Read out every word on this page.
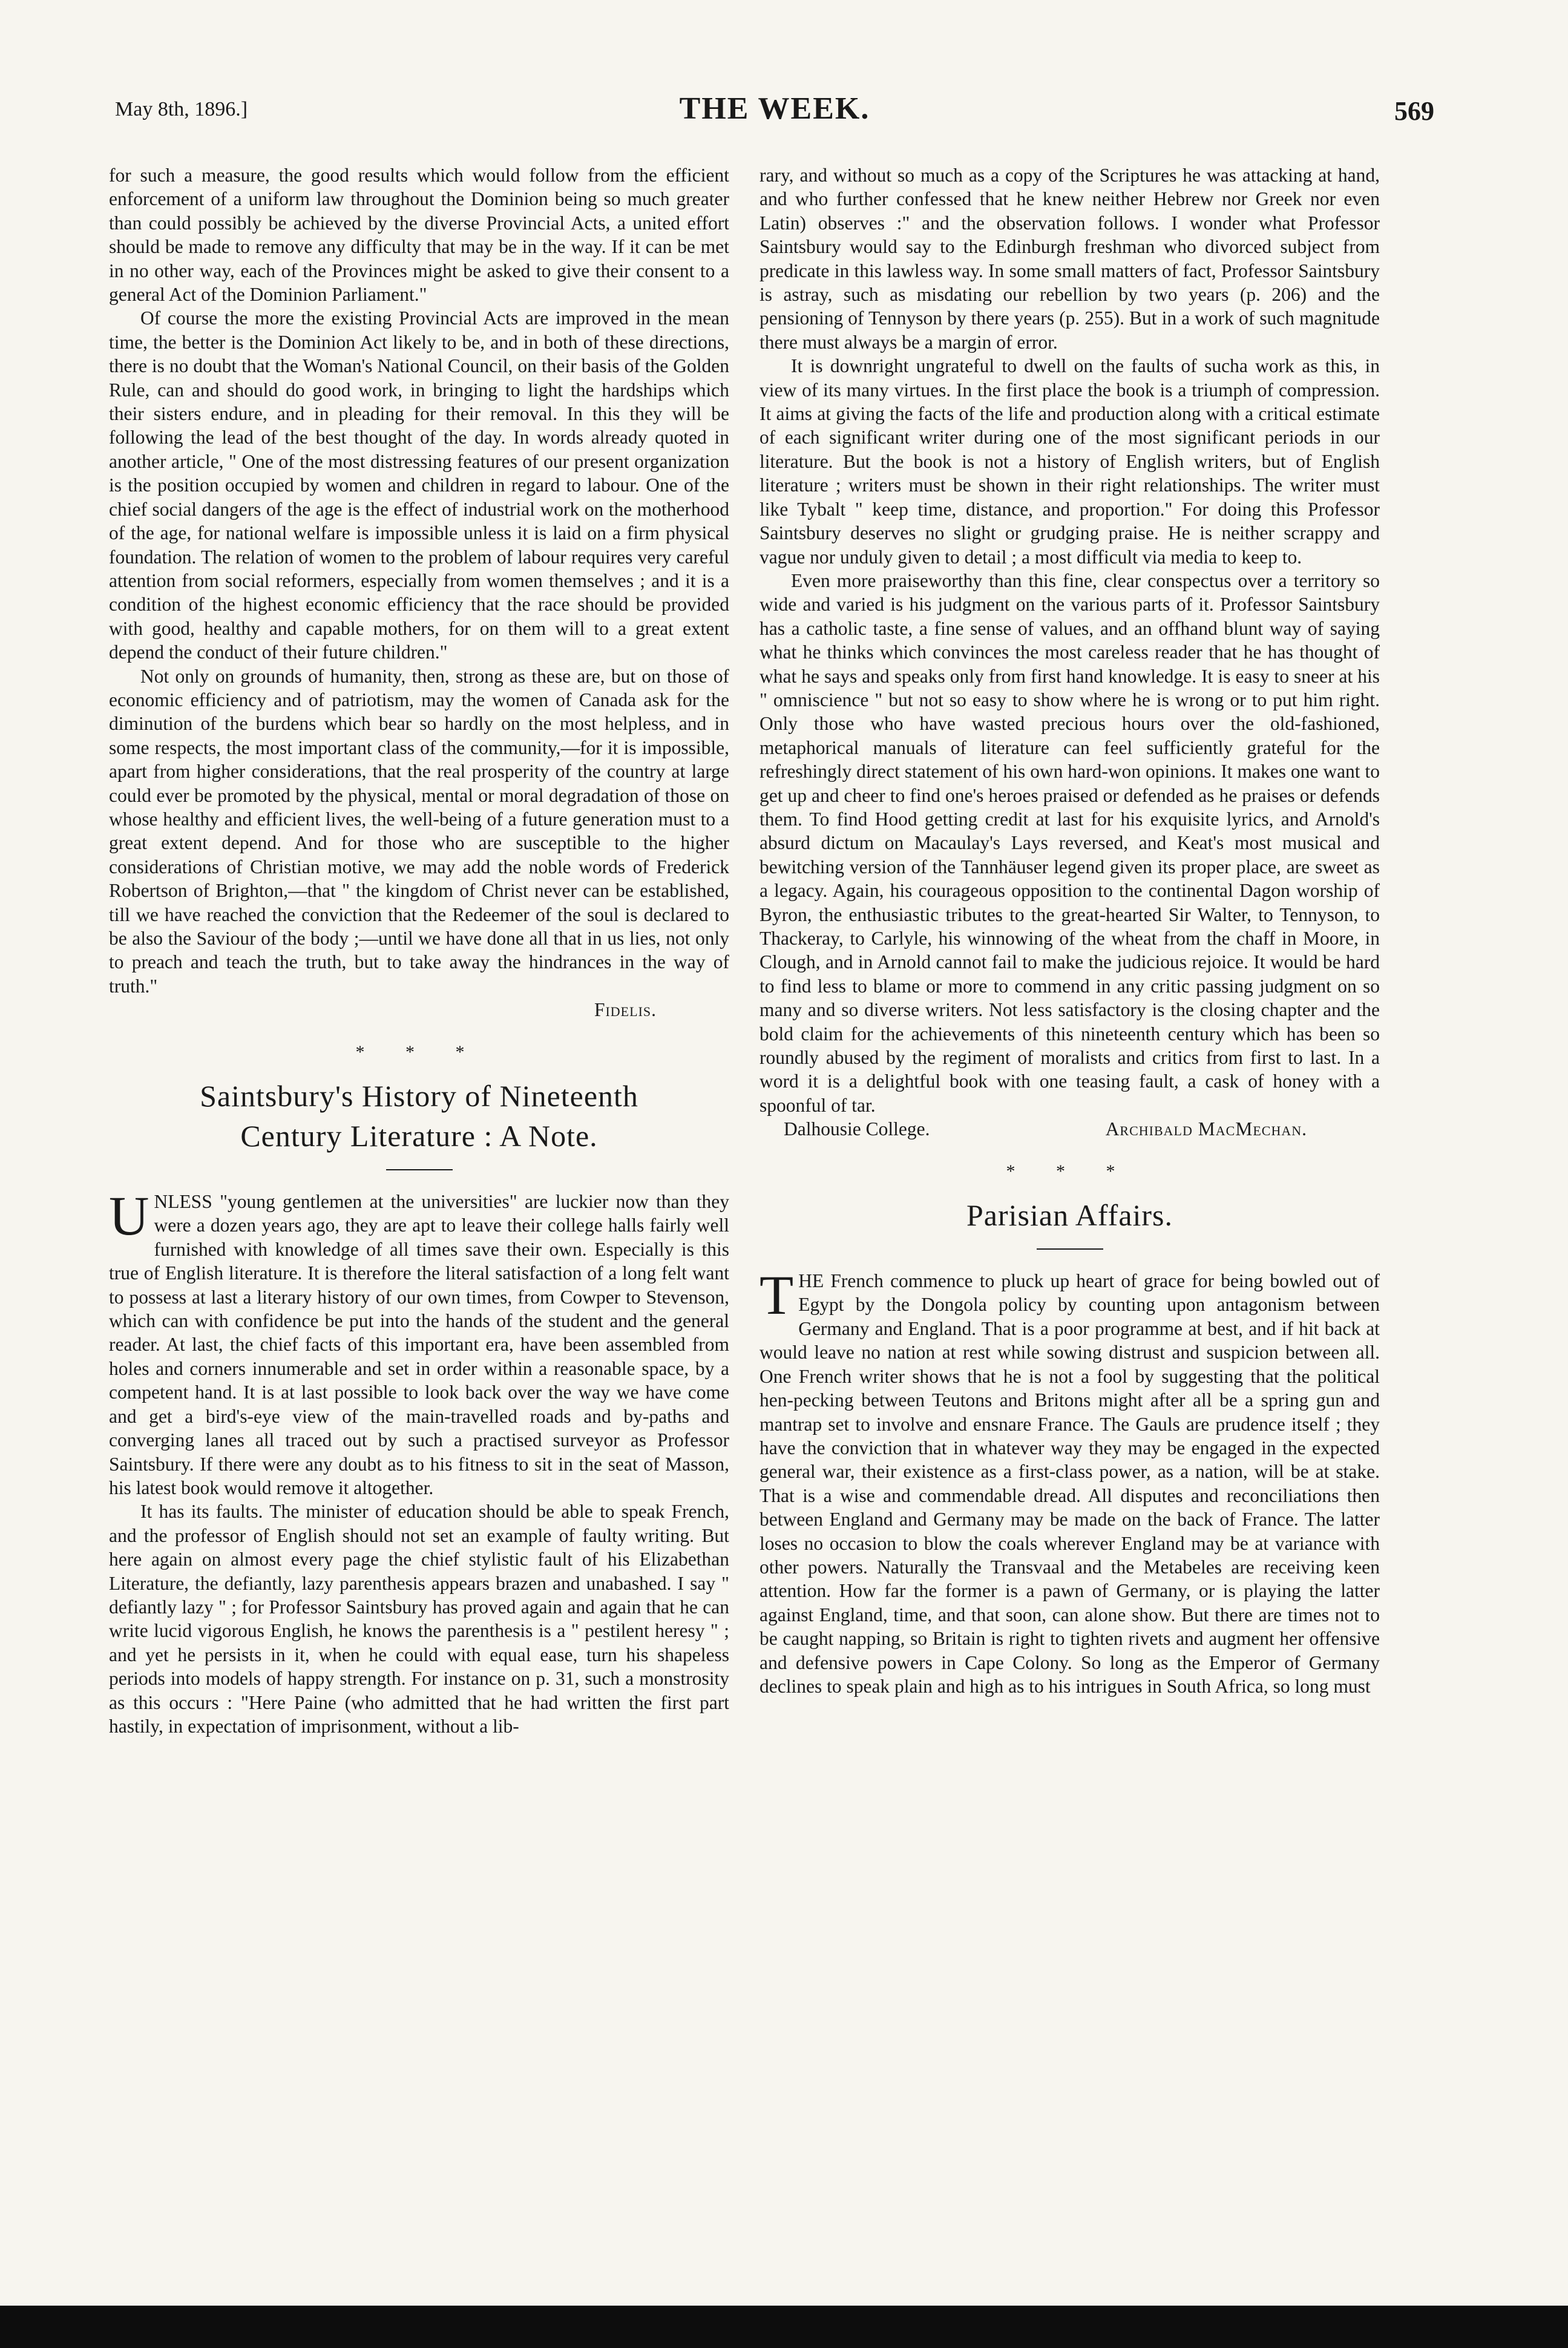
May 8th, 1896.]	THE WEEK.	569

for such a measure, the good results which would follow from the efficient enforcement of a uniform law throughout the Dominion being so much greater than could possibly be achieved by the diverse Provincial Acts, a united effort should be made to remove any difficulty that may be in the way. If it can be met in no other way, each of the Provinces might be asked to give their consent to a general Act of the Dominion Parliament."

Of course the more the existing Provincial Acts are improved in the mean time, the better is the Dominion Act likely to be, and in both of these directions, there is no doubt that the Woman's National Council, on their basis of the Golden Rule, can and should do good work, in bringing to light the hardships which their sisters endure, and in pleading for their removal. In this they will be following the lead of the best thought of the day. In words already quoted in another article, " One of the most distressing features of our present organization is the position occupied by women and children in regard to labour. One of the chief social dangers of the age is the effect of industrial work on the motherhood of the age, for national welfare is impossible unless it is laid on a firm physical foundation. The relation of women to the problem of labour requires very careful attention from social reformers, especially from women themselves ; and it is a condition of the highest economic efficiency that the race should be provided with good, healthy and capable mothers, for on them will to a great extent depend the conduct of their future children."

Not only on grounds of humanity, then, strong as these are, but on those of economic efficiency and of patriotism, may the women of Canada ask for the diminution of the burdens which bear so hardly on the most helpless, and in some respects, the most important class of the community,—for it is impossible, apart from higher considerations, that the real prosperity of the country at large could ever be promoted by the physical, mental or moral degradation of those on whose healthy and efficient lives, the well-being of a future generation must to a great extent depend. And for those who are susceptible to the higher considerations of Christian motive, we may add the noble words of Frederick Robertson of Brighton,—that " the kingdom of Christ never can be established, till we have reached the conviction that the Redeemer of the soul is declared to be also the Saviour of the body ;—until we have done all that in us lies, not only to preach and teach the truth, but to take away the hindrances in the way of truth."

Fidelis.
* * *
Saintsbury's History of Nineteenth
Century Literature : A Note.

UNLESS "young gentlemen at the universities" are luckier now than they were a dozen years ago, they are apt to leave their college halls fairly well furnished with knowledge of all times save their own. Especially is this true of English literature. It is therefore the literal satisfaction of a long felt want to possess at last a literary history of our own times, from Cowper to Stevenson, which can with confidence be put into the hands of the student and the general reader. At last, the chief facts of this important era, have been assembled from holes and corners innumerable and set in order within a reasonable space, by a competent hand. It is at last possible to look back over the way we have come and get a bird's-eye view of the main-travelled roads and by-paths and converging lanes all traced out by such a practised surveyor as Professor Saintsbury. If there were any doubt as to his fitness to sit in the seat of Masson, his latest book would remove it altogether.

It has its faults. The minister of education should be able to speak French, and the professor of English should not set an example of faulty writing. But here again on almost every page the chief stylistic fault of his Elizabethan Literature, the defiantly, lazy parenthesis appears brazen and unabashed. I say " defiantly lazy " ; for Professor Saintsbury has proved again and again that he can write lucid vigorous English, he knows the parenthesis is a " pestilent heresy " ; and yet he persists in it, when he could with equal ease, turn his shapeless periods into models of happy strength. For instance on p. 31, such a monstrosity as this occurs : "Here Paine (who admitted that he had written the first part hastily, in expectation of imprisonment, without a lib-

rary, and without so much as a copy of the Scriptures he was attacking at hand, and who further confessed that he knew neither Hebrew nor Greek nor even Latin) observes :" and the observation follows. I wonder what Professor Saintsbury would say to the Edinburgh freshman who divorced subject from predicate in this lawless way. In some small matters of fact, Professor Saintsbury is astray, such as misdating our rebellion by two years (p. 206) and the pensioning of Tennyson by there years (p. 255). But in a work of such magnitude there must always be a margin of error.

It is downright ungrateful to dwell on the faults of sucha work as this, in view of its many virtues. In the first place the book is a triumph of compression. It aims at giving the facts of the life and production along with a critical estimate of each significant writer during one of the most significant periods in our literature. But the book is not a history of English writers, but of English literature ; writers must be shown in their right relationships. The writer must like Tybalt " keep time, distance, and proportion." For doing this Professor Saintsbury deserves no slight or grudging praise. He is neither scrappy and vague nor unduly given to detail ; a most difficult via media to keep to.

Even more praiseworthy than this fine, clear conspectus over a territory so wide and varied is his judgment on the various parts of it. Professor Saintsbury has a catholic taste, a fine sense of values, and an offhand blunt way of saying what he thinks which convinces the most careless reader that he has thought of what he says and speaks only from first hand knowledge. It is easy to sneer at his " omniscience " but not so easy to show where he is wrong or to put him right. Only those who have wasted precious hours over the old-fashioned, metaphorical manuals of literature can feel sufficiently grateful for the refreshingly direct statement of his own hard-won opinions. It makes one want to get up and cheer to find one's heroes praised or defended as he praises or defends them. To find Hood getting credit at last for his exquisite lyrics, and Arnold's absurd dictum on Macaulay's Lays reversed, and Keat's most musical and bewitching version of the Tannhäuser legend given its proper place, are sweet as a legacy. Again, his courageous opposition to the continental Dagon worship of Byron, the enthusiastic tributes to the great-hearted Sir Walter, to Tennyson, to Thackeray, to Carlyle, his winnowing of the wheat from the chaff in Moore, in Clough, and in Arnold cannot fail to make the judicious rejoice. It would be hard to find less to blame or more to commend in any critic passing judgment on so many and so diverse writers. Not less satisfactory is the closing chapter and the bold claim for the achievements of this nineteenth century which has been so roundly abused by the regiment of moralists and critics from first to last. In a word it is a delightful book with one teasing fault, a cask of honey with a spoonful of tar.

Dalhousie College.	Archibald MacMechan.
* * *
Parisian Affairs.

THE French commence to pluck up heart of grace for being bowled out of Egypt by the Dongola policy by counting upon antagonism between Germany and England. That is a poor programme at best, and if hit back at would leave no nation at rest while sowing distrust and suspicion between all. One French writer shows that he is not a fool by suggesting that the political hen-pecking between Teutons and Britons might after all be a spring gun and mantrap set to involve and ensnare France. The Gauls are prudence itself ; they have the conviction that in whatever way they may be engaged in the expected general war, their existence as a first-class power, as a nation, will be at stake. That is a wise and commendable dread. All disputes and reconciliations then between England and Germany may be made on the back of France. The latter loses no occasion to blow the coals wherever England may be at variance with other powers. Naturally the Transvaal and the Metabeles are receiving keen attention. How far the former is a pawn of Germany, or is playing the latter against England, time, and that soon, can alone show. But there are times not to be caught napping, so Britain is right to tighten rivets and augment her offensive and defensive powers in Cape Colony. So long as the Emperor of Germany declines to speak plain and high as to his intrigues in South Africa, so long must
